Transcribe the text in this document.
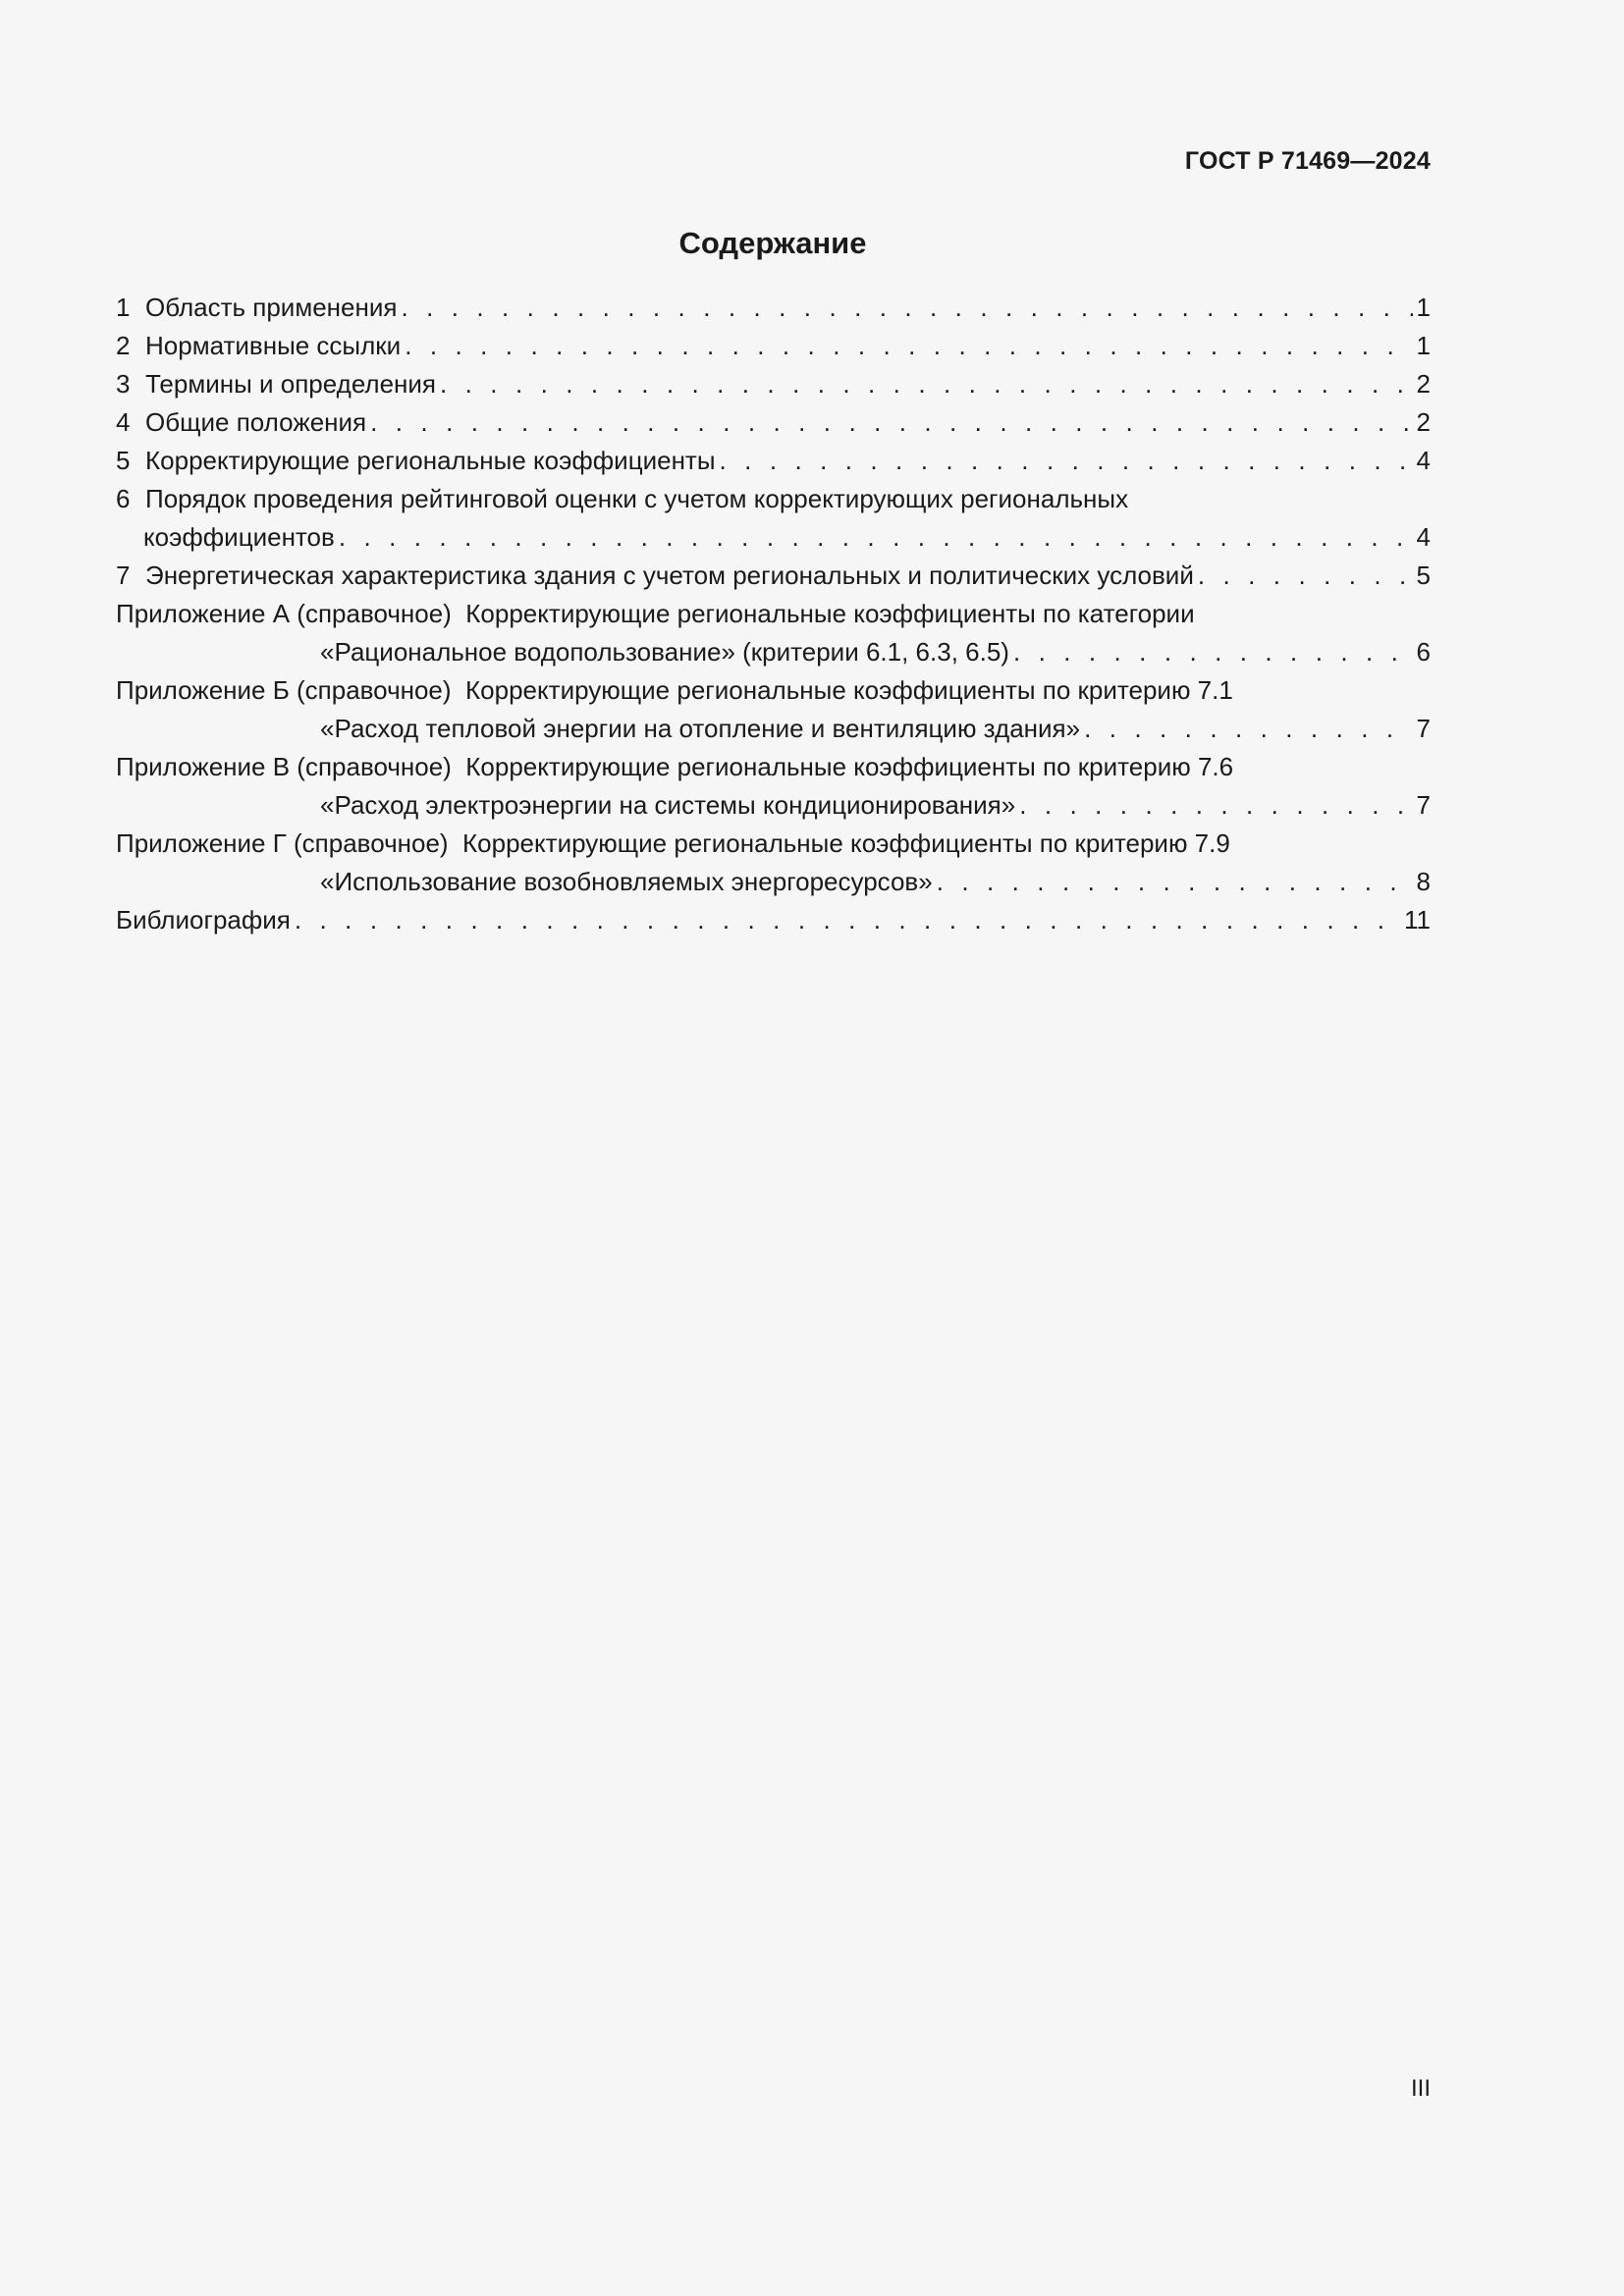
ГОСТ Р 71469—2024
Содержание
1 Область применения . . .	1
2 Нормативные ссылки . . .	1
3 Термины и определения . . .	2
4 Общие положения . . .	2
5 Корректирующие региональные коэффициенты . . .	4
6 Порядок проведения рейтинговой оценки с учетом корректирующих региональных
коэффициентов . . .	4
7 Энергетическая характеристика здания с учетом региональных и политических условий . . .	5
Приложение А (справочное)  Корректирующие региональные коэффициенты по категории
«Рациональное водопользование» (критерии 6.1, 6.3, 6.5) . . .	6
Приложение Б (справочное)  Корректирующие региональные коэффициенты по критерию 7.1
«Расход тепловой энергии на отопление и вентиляцию здания» . . .	7
Приложение В (справочное)  Корректирующие региональные коэффициенты по критерию 7.6
«Расход электроэнергии на системы кондиционирования» . . .	7
Приложение Г (справочное)  Корректирующие региональные коэффициенты по критерию 7.9
«Использование возобновляемых энергоресурсов» . . .	8
Библиография . . .	11
III
